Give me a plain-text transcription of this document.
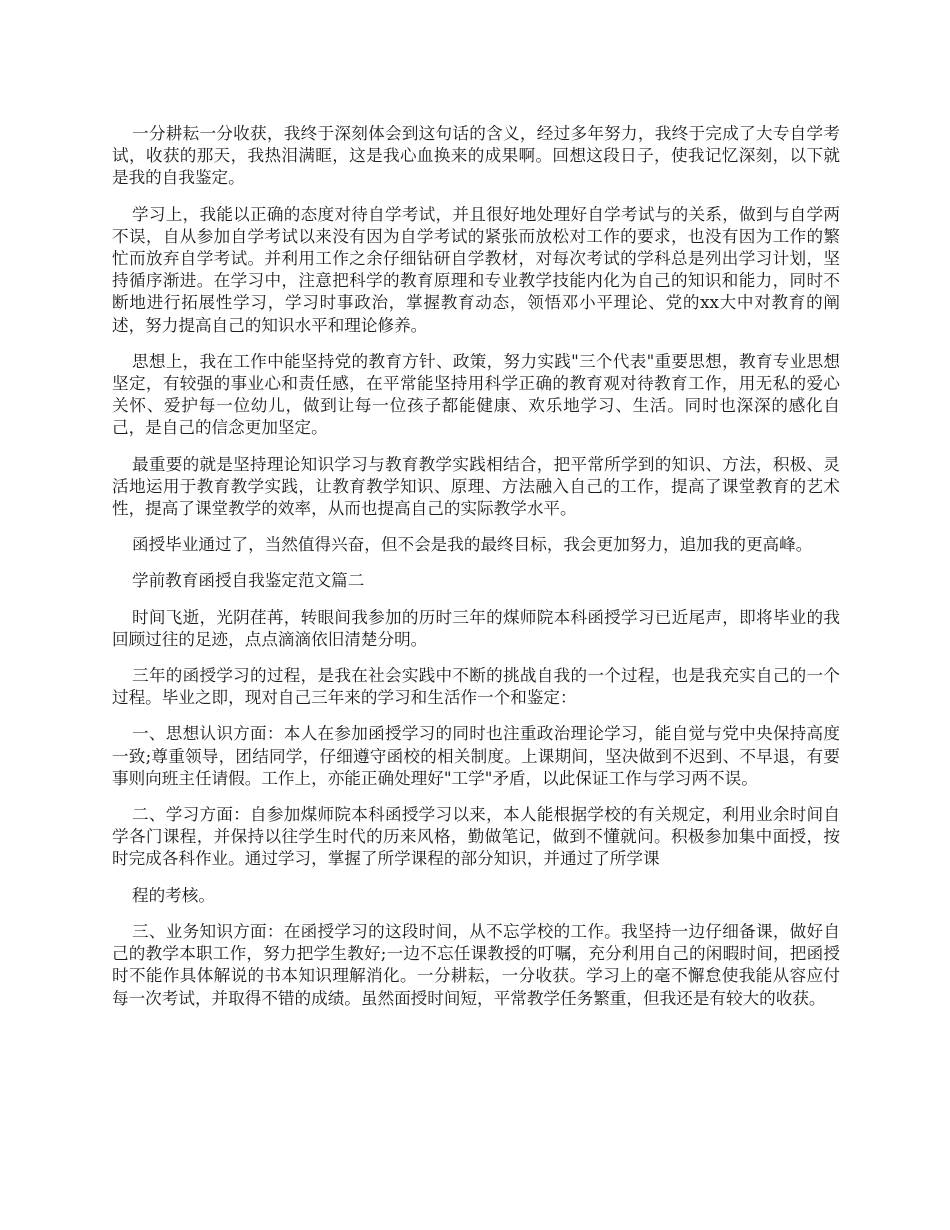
一分耕耘一分收获，我终于深刻体会到这句话的含义，经过多年努力，我终于完成了大专自学考试，收获的那天，我热泪满眶，这是我心血换来的成果啊。回想这段日子，使我记忆深刻，以下就是我的自我鉴定。

学习上，我能以正确的态度对待自学考试，并且很好地处理好自学考试与的关系，做到与自学两不误，自从参加自学考试以来没有因为自学考试的紧张而放松对工作的要求，也没有因为工作的繁忙而放弃自学考试。并利用工作之余仔细钻研自学教材，对每次考试的学科总是列出学习计划，坚持循序渐进。在学习中，注意把科学的教育原理和专业教学技能内化为自己的知识和能力，同时不断地进行拓展性学习，学习时事政治，掌握教育动态，领悟邓小平理论、党的xx大中对教育的阐述，努力提高自己的知识水平和理论修养。

思想上，我在工作中能坚持党的教育方针、政策，努力实践"三个代表"重要思想，教育专业思想坚定，有较强的事业心和责任感，在平常能坚持用科学正确的教育观对待教育工作，用无私的爱心关怀、爱护每一位幼儿，做到让每一位孩子都能健康、欢乐地学习、生活。同时也深深的感化自己，是自己的信念更加坚定。

最重要的就是坚持理论知识学习与教育教学实践相结合，把平常所学到的知识、方法，积极、灵活地运用于教育教学实践，让教育教学知识、原理、方法融入自己的工作，提高了课堂教育的艺术性，提高了课堂教学的效率，从而也提高自己的实际教学水平。

函授毕业通过了，当然值得兴奋，但不会是我的最终目标，我会更加努力，追加我的更高峰。

学前教育函授自我鉴定范文篇二

时间飞逝，光阴荏苒，转眼间我参加的历时三年的煤师院本科函授学习已近尾声，即将毕业的我回顾过往的足迹，点点滴滴依旧清楚分明。

三年的函授学习的过程，是我在社会实践中不断的挑战自我的一个过程，也是我充实自己的一个过程。毕业之即，现对自己三年来的学习和生活作一个和鉴定：

一、思想认识方面：本人在参加函授学习的同时也注重政治理论学习，能自觉与党中央保持高度一致;尊重领导，团结同学，仔细遵守函校的相关制度。上课期间，坚决做到不迟到、不早退，有要事则向班主任请假。工作上，亦能正确处理好"工学"矛盾，以此保证工作与学习两不误。

二、学习方面：自参加煤师院本科函授学习以来，本人能根据学校的有关规定，利用业余时间自学各门课程，并保持以往学生时代的历来风格，勤做笔记，做到不懂就问。积极参加集中面授，按时完成各科作业。通过学习，掌握了所学课程的部分知识，并通过了所学课

程的考核。

三、业务知识方面：在函授学习的这段时间，从不忘学校的工作。我坚持一边仔细备课，做好自己的教学本职工作，努力把学生教好;一边不忘任课教授的叮嘱，充分利用自己的闲暇时间，把函授时不能作具体解说的书本知识理解消化。一分耕耘，一分收获。学习上的毫不懈怠使我能从容应付每一次考试，并取得不错的成绩。虽然面授时间短，平常教学任务繁重，但我还是有较大的收获。
